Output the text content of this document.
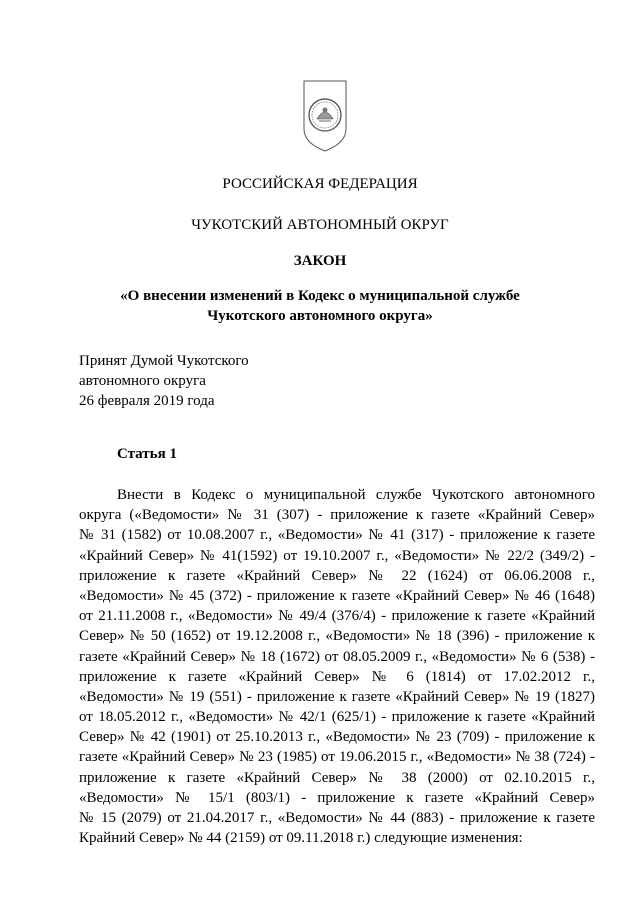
РОССИЙСКАЯ ФЕДЕРАЦИЯ
ЧУКОТСКИЙ АВТОНОМНЫЙ ОКРУГ
ЗАКОН
«О внесении изменений в Кодекс о муниципальной службе
Чукотского автономного округа»
Принят Думой Чукотского
автономного округа
26 февраля 2019 года
Статья 1
Внести в Кодекс о муниципальной службе Чукотского автономного
округа («Ведомости» № 31 (307) - приложение к газете «Крайний Север»
№ 31 (1582) от 10.08.2007 г., «Ведомости» № 41 (317) - приложение к газете
«Крайний Север» № 41(1592) от 19.10.2007 г., «Ведомости» № 22/2 (349/2) -
приложение к газете «Крайний Север» № 22 (1624) от 06.06.2008 г.,
«Ведомости» № 45 (372) - приложение к газете «Крайний Север» № 46 (1648)
от 21.11.2008 г., «Ведомости» № 49/4 (376/4) - приложение к газете «Крайний
Север» № 50 (1652) от 19.12.2008 г., «Ведомости» № 18 (396) - приложение к
газете «Крайний Север» № 18 (1672) от 08.05.2009 г., «Ведомости» № 6 (538) -
приложение к газете «Крайний Север» № 6 (1814) от 17.02.2012 г.,
«Ведомости» № 19 (551) - приложение к газете «Крайний Север» № 19 (1827)
от 18.05.2012 г., «Ведомости» № 42/1 (625/1) - приложение к газете «Крайний
Север» № 42 (1901) от 25.10.2013 г., «Ведомости» № 23 (709) - приложение к
газете «Крайний Север» № 23 (1985) от 19.06.2015 г., «Ведомости» № 38 (724) -
приложение к газете «Крайний Север» № 38 (2000) от 02.10.2015 г.,
«Ведомости» № 15/1 (803/1) - приложение к газете «Крайний Север»
№ 15 (2079) от 21.04.2017 г., «Ведомости» № 44 (883) - приложение к газете
Крайний Север» № 44 (2159) от 09.11.2018 г.) следующие изменения:
